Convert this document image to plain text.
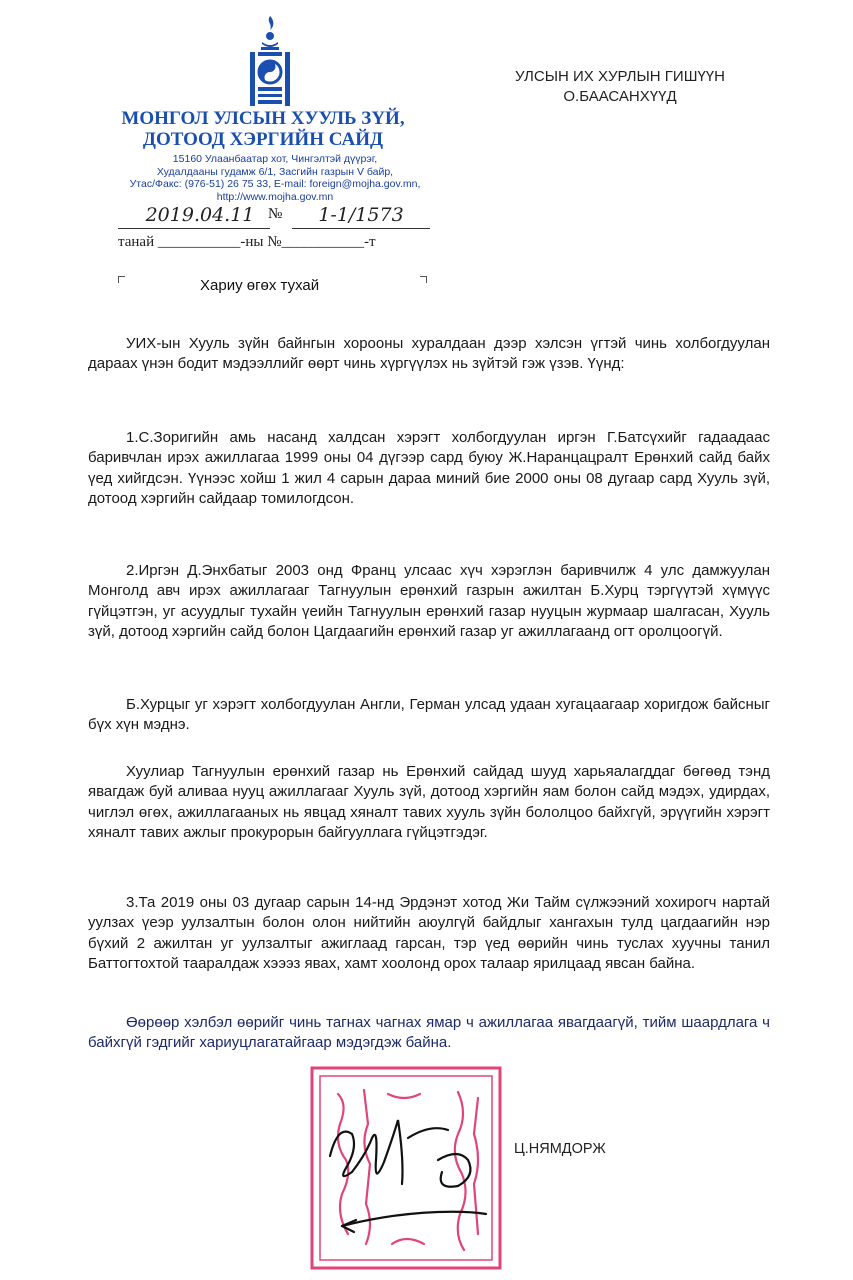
МОНГОЛ УЛСЫН ХУУЛЬ ЗҮЙ,
ДОТООД ХЭРГИЙН САЙД
15160 Улаанбаатар хот, Чингэлтэй дүүрэг,
Худалдааны гудамж 6/1, Засгийн газрын V байр,
Утас/Факс: (976-51) 26 75 33, E-mail: foreign@mojha.gov.mn,
http://www.mojha.gov.mn
2019.04.11 №	1-1/1573
танай ___________-ны №___________-т
УЛСЫН ИХ ХУРЛЫН ГИШҮҮН
О.БААСАНХҮҮД
Хариу өгөх тухай

УИХ-ын Хууль зүйн байнгын хорооны хуралдаан дээр хэлсэн үгтэй чинь холбогдуулан дараах үнэн бодит мэдээллийг өөрт чинь хүргүүлэх нь зүйтэй гэж үзэв. Үүнд:

1.С.Зоригийн амь насанд халдсан хэрэгт холбогдуулан иргэн Г.Батсүхийг гадаадаас баривчлан ирэх ажиллагаа 1999 оны 04 дүгээр сард буюу Ж.Наранцацралт Ерөнхий сайд байх үед хийгдсэн. Үүнээс хойш 1 жил 4 сарын дараа миний бие 2000 оны 08 дугаар сард Хууль зүй, дотоод хэргийн сайдаар томилогдсон.

2.Иргэн Д.Энхбатыг 2003 онд Франц улсаас хүч хэрэглэн баривчилж 4 улс дамжуулан Монголд авч ирэх ажиллагааг Тагнуулын ерөнхий газрын ажилтан Б.Хурц тэргүүтэй хүмүүс гүйцэтгэн, уг асуудлыг тухайн үеийн Тагнуулын ерөнхий газар нууцын журмаар шалгасан, Хууль зүй, дотоод хэргийн сайд болон Цагдаагийн ерөнхий газар уг ажиллагаанд огт оролцоогүй.

Б.Хурцыг уг хэрэгт холбогдуулан Англи, Герман улсад удаан хугацаагаар хоригдож байсныг бүх хүн мэднэ.

Хуулиар Тагнуулын ерөнхий газар нь Ерөнхий сайдад шууд харьяалагддаг бөгөөд тэнд явагдаж буй аливаа нууц ажиллагааг Хууль зүй, дотоод хэргийн яам болон сайд мэдэх, удирдах, чиглэл өгөх, ажиллагааных нь явцад хяналт тавих хууль зүйн бололцоо байхгүй, эрүүгийн хэрэгт хяналт тавих ажлыг прокурорын байгууллага гүйцэтгэдэг.

3.Та 2019 оны 03 дугаар сарын 14-нд Эрдэнэт хотод Жи Тайм сүлжээний хохирогч нартай уулзах үеэр уулзалтын болон олон нийтийн аюулгүй байдлыг хангахын тулд цагдаагийн нэр бүхий 2 ажилтан уг уулзалтыг ажиглаад гарсан, тэр үед өөрийн чинь туслах хуучны танил Баттогтохтой таарaлдаж хэээз явах, хамт хоолонд орох талаар ярилцаад явсан байна.

Өөрөөр хэлбэл өөрийг чинь тагнах чагнах ямар ч ажиллагаа явагдаагүй, тийм шаардлага ч байхгүй гэдгийг хариуцлагатайгаар мэдэгдэж байна.

Ц.НЯМДОРЖ
